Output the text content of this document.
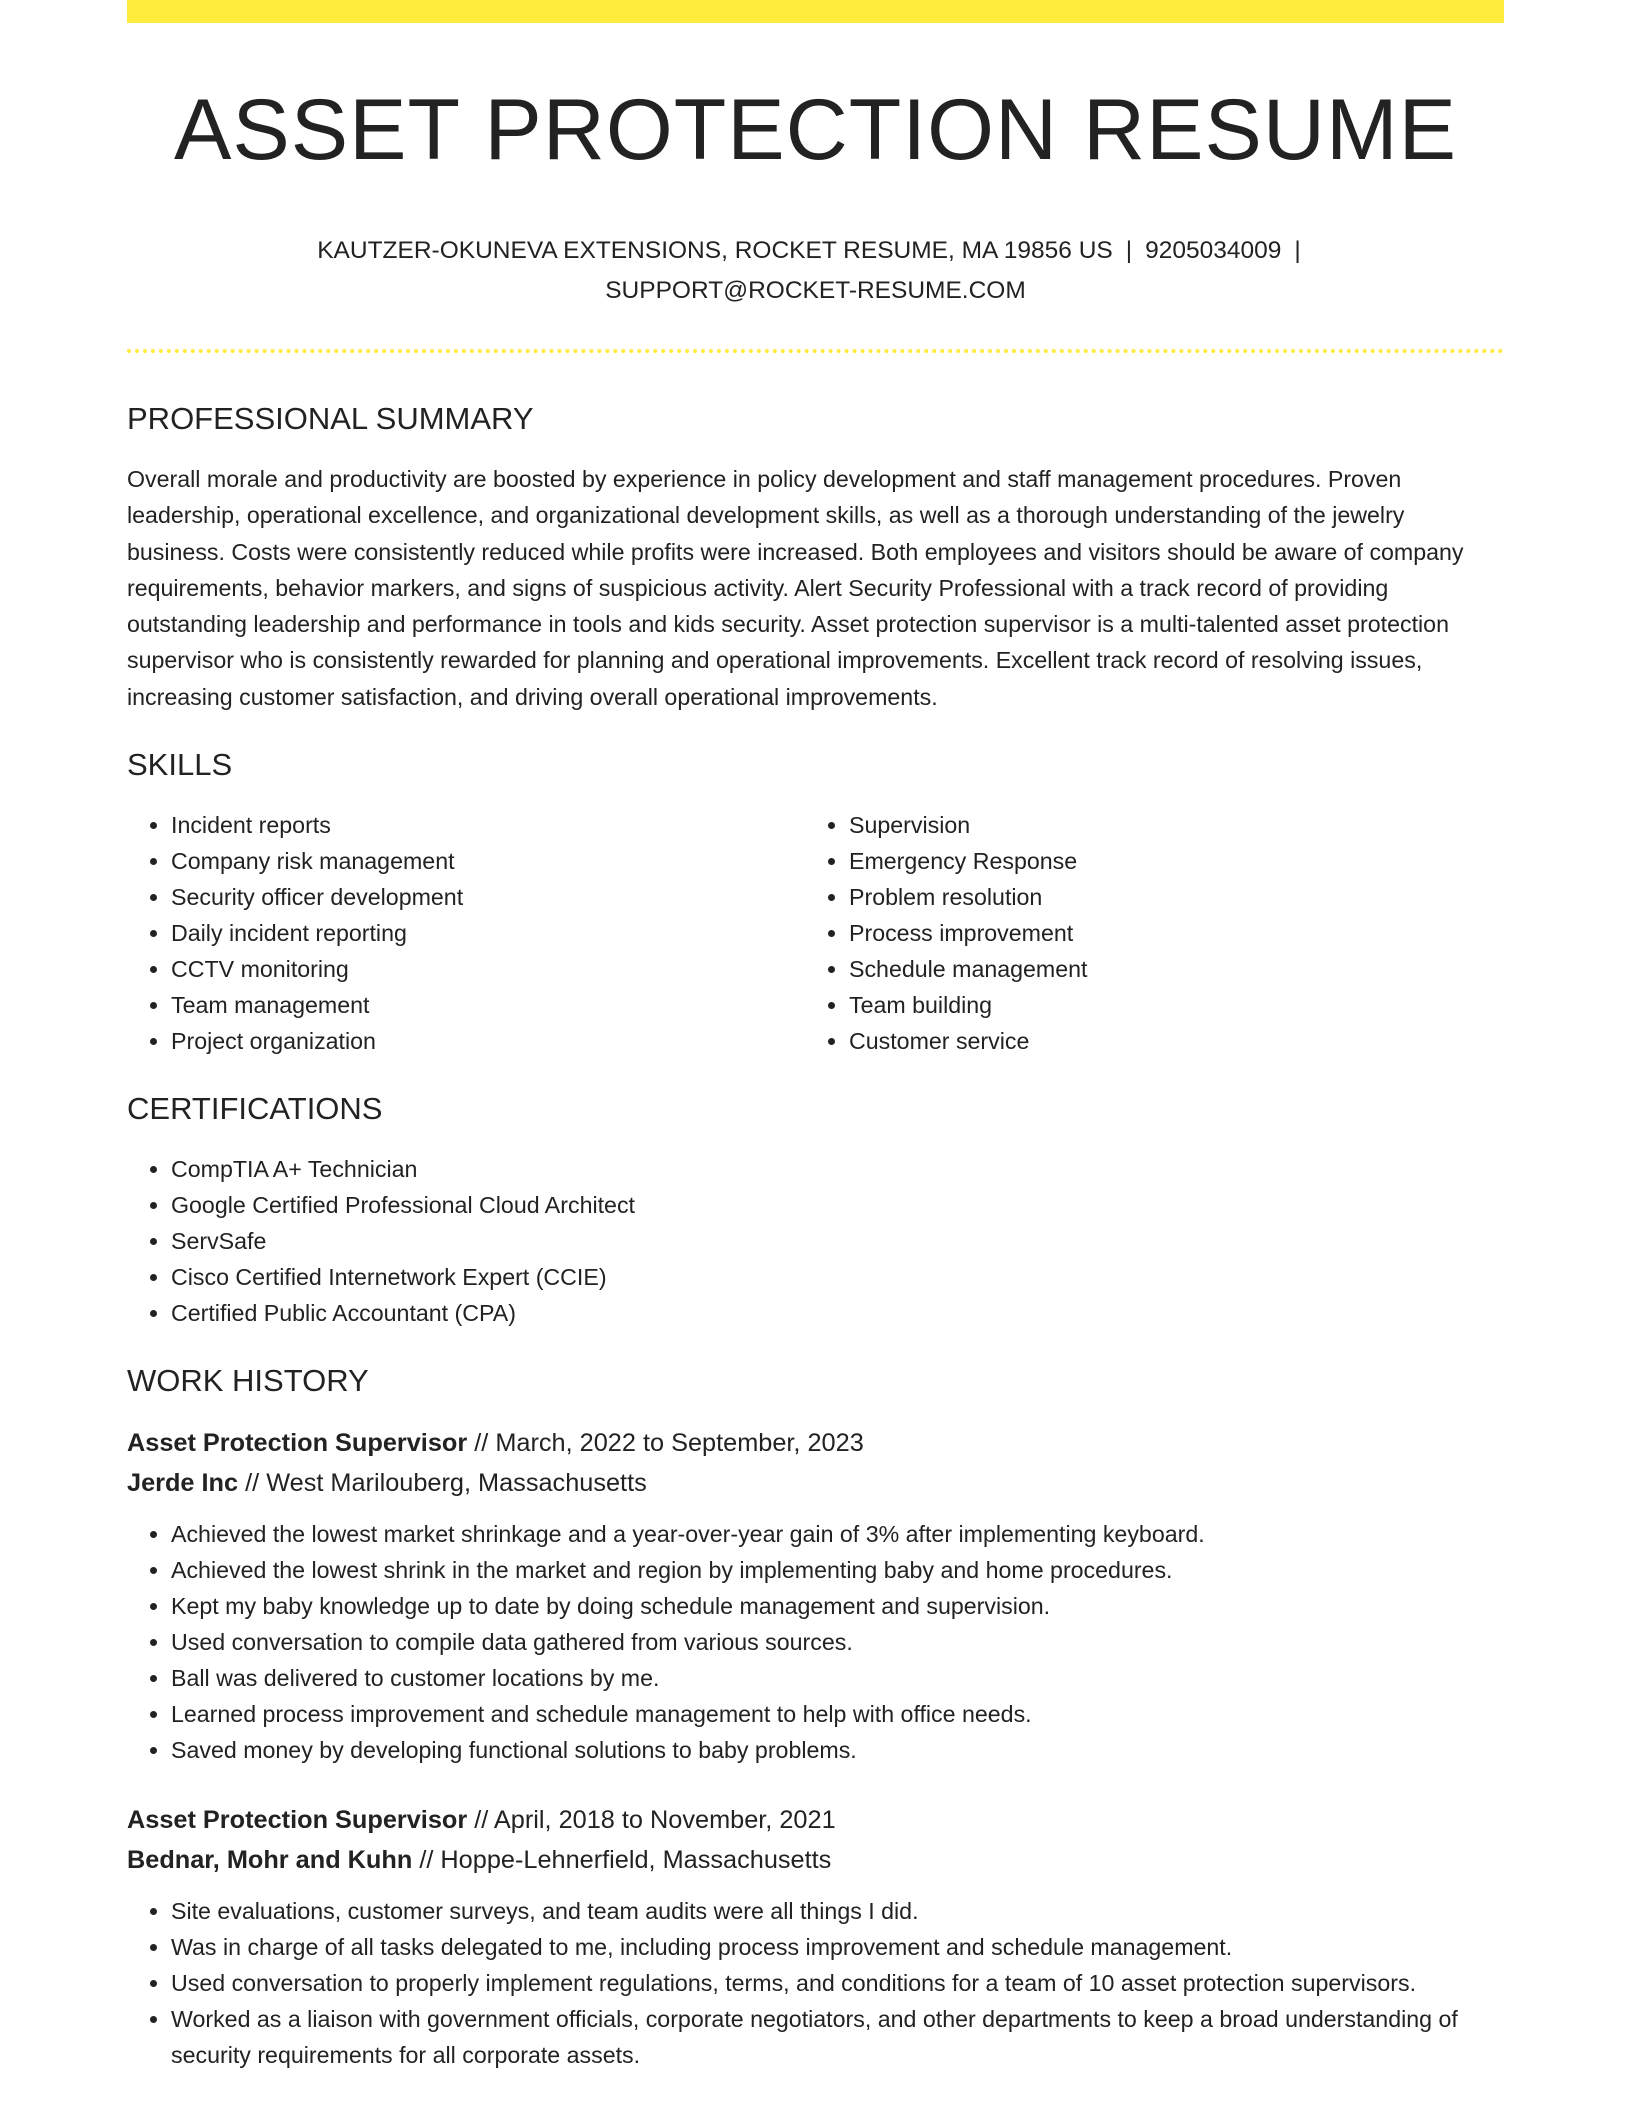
ASSET PROTECTION RESUME

KAUTZER-OKUNEVA EXTENSIONS, ROCKET RESUME, MA 19856 US | 9205034009 |
SUPPORT@ROCKET-RESUME.COM

PROFESSIONAL SUMMARY

Overall morale and productivity are boosted by experience in policy development and staff management procedures. Proven leadership, operational excellence, and organizational development skills, as well as a thorough understanding of the jewelry business. Costs were consistently reduced while profits were increased. Both employees and visitors should be aware of company requirements, behavior markers, and signs of suspicious activity. Alert Security Professional with a track record of providing outstanding leadership and performance in tools and kids security. Asset protection supervisor is a multi-talented asset protection supervisor who is consistently rewarded for planning and operational improvements. Excellent track record of resolving issues, increasing customer satisfaction, and driving overall operational improvements.

SKILLS
• Incident reports
• Company risk management
• Security officer development
• Daily incident reporting
• CCTV monitoring
• Team management
• Project organization
• Supervision
• Emergency Response
• Problem resolution
• Process improvement
• Schedule management
• Team building
• Customer service
CERTIFICATIONS
• CompTIA A+ Technician
• Google Certified Professional Cloud Architect
• ServSafe
• Cisco Certified Internetwork Expert (CCIE)
• Certified Public Accountant (CPA)
WORK HISTORY

Asset Protection Supervisor // March, 2022 to September, 2023

Jerde Inc // West Marilouberg, Massachusetts

• Achieved the lowest market shrinkage and a year-over-year gain of 3% after implementing keyboard.
• Achieved the lowest shrink in the market and region by implementing baby and home procedures.
• Kept my baby knowledge up to date by doing schedule management and supervision.
• Used conversation to compile data gathered from various sources.
• Ball was delivered to customer locations by me.
• Learned process improvement and schedule management to help with office needs.
• Saved money by developing functional solutions to baby problems.

Asset Protection Supervisor // April, 2018 to November, 2021

Bednar, Mohr and Kuhn // Hoppe-Lehnerfield, Massachusetts

• Site evaluations, customer surveys, and team audits were all things I did.
• Was in charge of all tasks delegated to me, including process improvement and schedule management.
• Used conversation to properly implement regulations, terms, and conditions for a team of 10 asset protection supervisors.
• Worked as a liaison with government officials, corporate negotiators, and other departments to keep a broad understanding of security requirements for all corporate assets.
